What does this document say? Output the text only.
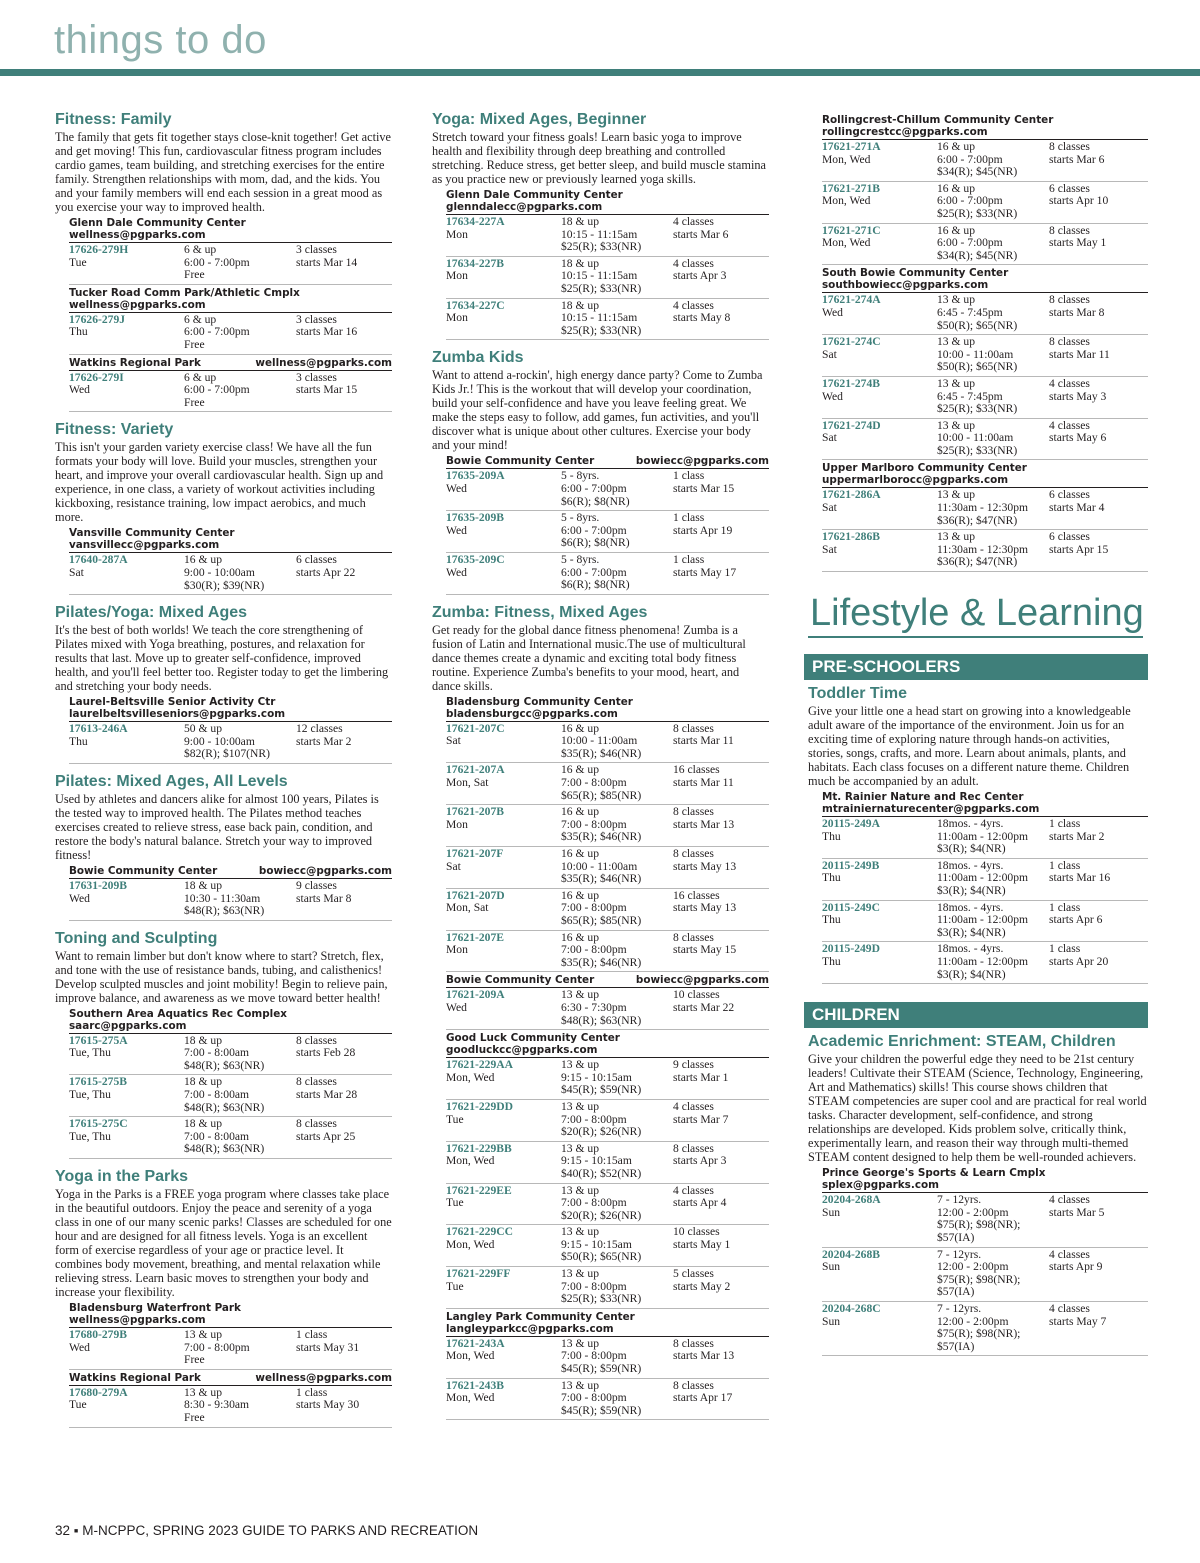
things to do
Fitness: Family
The family that gets fit together stays close-knit together! Get active and get moving! This fun, cardiovascular fitness program includes cardio games, team building, and stretching exercises for the entire family. Strengthen relationships with mom, dad, and the kids. You and your family members will end each session in a great mood as you exercise your way to improved health.
Glenn Dale Community Center
wellness@pgparks.com
17626-279H	6 & up	3 classes
Tue	6:00 - 7:00pm	starts Mar 14
Free
Tucker Road Comm Park/Athletic Cmplx
wellness@pgparks.com
17626-279J	6 & up	3 classes
Thu	6:00 - 7:00pm	starts Mar 16
Free
Watkins Regional Park	wellness@pgparks.com
17626-279I	6 & up	3 classes
Wed	6:00 - 7:00pm	starts Mar 15
Free
Fitness: Variety
This isn't your garden variety exercise class! We have all the fun formats your body will love. Build your muscles, strengthen your heart, and improve your overall cardiovascular health. Sign up and experience, in one class, a variety of workout activities including kickboxing, resistance training, low impact aerobics, and much more.
Vansville Community Center
vansvillecc@pgparks.com
17640-287A	16 & up	6 classes
Sat	9:00 - 10:00am	starts Apr 22
$30(R); $39(NR)
Pilates/Yoga: Mixed Ages
It's the best of both worlds! We teach the core strengthening of Pilates mixed with Yoga breathing, postures, and relaxation for results that last. Move up to greater self-confidence, improved health, and you'll feel better too. Register today to get the limbering and stretching your body needs.
Laurel-Beltsville Senior Activity Ctr
laurelbeltsvilleseniors@pgparks.com
17613-246A	50 & up	12 classes
Thu	9:00 - 10:00am	starts Mar 2
$82(R); $107(NR)
Pilates: Mixed Ages, All Levels
Used by athletes and dancers alike for almost 100 years, Pilates is the tested way to improved health. The Pilates method teaches exercises created to relieve stress, ease back pain, condition, and restore the body's natural balance. Stretch your way to improved fitness!
Bowie Community Center	bowiecc@pgparks.com
17631-209B	18 & up	9 classes
Wed	10:30 - 11:30am	starts Mar 8
$48(R); $63(NR)
Toning and Sculpting
Want to remain limber but don't know where to start? Stretch, flex, and tone with the use of resistance bands, tubing, and calisthenics! Develop sculpted muscles and joint mobility! Begin to relieve pain, improve balance, and awareness as we move toward better health!
Southern Area Aquatics Rec Complex
saarc@pgparks.com
17615-275A	18 & up	8 classes
Tue, Thu	7:00 - 8:00am	starts Feb 28
$48(R); $63(NR)
17615-275B	18 & up	8 classes
Tue, Thu	7:00 - 8:00am	starts Mar 28
$48(R); $63(NR)
17615-275C	18 & up	8 classes
Tue, Thu	7:00 - 8:00am	starts Apr 25
$48(R); $63(NR)
Yoga in the Parks
Yoga in the Parks is a FREE yoga program where classes take place in the beautiful outdoors. Enjoy the peace and serenity of a yoga class in one of our many scenic parks! Classes are scheduled for one hour and are designed for all fitness levels. Yoga is an excellent form of exercise regardless of your age or practice level. It combines body movement, breathing, and mental relaxation while relieving stress. Learn basic moves to strengthen your body and increase your flexibility.
Bladensburg Waterfront Park
wellness@pgparks.com
17680-279B	13 & up	1 class
Wed	7:00 - 8:00pm	starts May 31
Free
Watkins Regional Park	wellness@pgparks.com
17680-279A	13 & up	1 class
Tue	8:30 - 9:30am	starts May 30
Free
Yoga: Mixed Ages, Beginner
Stretch toward your fitness goals! Learn basic yoga to improve health and flexibility through deep breathing and controlled stretching. Reduce stress, get better sleep, and build muscle stamina as you practice new or previously learned yoga skills.
Glenn Dale Community Center
glenndalecc@pgparks.com
17634-227A	18 & up	4 classes
Mon	10:15 - 11:15am	starts Mar 6
$25(R); $33(NR)
17634-227B	18 & up	4 classes
Mon	10:15 - 11:15am	starts Apr 3
$25(R); $33(NR)
17634-227C	18 & up	4 classes
Mon	10:15 - 11:15am	starts May 8
$25(R); $33(NR)
Zumba Kids
Want to attend a-rockin', high energy dance party? Come to Zumba Kids Jr.! This is the workout that will develop your coordination, build your self-confidence and have you leave feeling great. We make the steps easy to follow, add games, fun activities, and you'll discover what is unique about other cultures. Exercise your body and your mind!
Bowie Community Center	bowiecc@pgparks.com
17635-209A	5 - 8yrs.	1 class
Wed	6:00 - 7:00pm	starts Mar 15
$6(R); $8(NR)
17635-209B	5 - 8yrs.	1 class
Wed	6:00 - 7:00pm	starts Apr 19
$6(R); $8(NR)
17635-209C	5 - 8yrs.	1 class
Wed	6:00 - 7:00pm	starts May 17
$6(R); $8(NR)
Zumba: Fitness, Mixed Ages
Get ready for the global dance fitness phenomena! Zumba is a fusion of Latin and International music.The use of multicultural dance themes create a dynamic and exciting total body fitness routine. Experience Zumba's benefits to your mood, heart, and dance skills.
Bladensburg Community Center
bladensburgcc@pgparks.com
17621-207C	16 & up	8 classes
Sat	10:00 - 11:00am	starts Mar 11
$35(R); $46(NR)
17621-207A	16 & up	16 classes
Mon, Sat	7:00 - 8:00pm	starts Mar 11
$65(R); $85(NR)
17621-207B	16 & up	8 classes
Mon	7:00 - 8:00pm	starts Mar 13
$35(R); $46(NR)
17621-207F	16 & up	8 classes
Sat	10:00 - 11:00am	starts May 13
$35(R); $46(NR)
17621-207D	16 & up	16 classes
Mon, Sat	7:00 - 8:00pm	starts May 13
$65(R); $85(NR)
17621-207E	16 & up	8 classes
Mon	7:00 - 8:00pm	starts May 15
$35(R); $46(NR)
Bowie Community Center	bowiecc@pgparks.com
17621-209A	13 & up	10 classes
Wed	6:30 - 7:30pm	starts Mar 22
$48(R); $63(NR)
Good Luck Community Center
goodluckcc@pgparks.com
17621-229AA	13 & up	9 classes
Mon, Wed	9:15 - 10:15am	starts Mar 1
$45(R); $59(NR)
17621-229DD	13 & up	4 classes
Tue	7:00 - 8:00pm	starts Mar 7
$20(R); $26(NR)
17621-229BB	13 & up	8 classes
Mon, Wed	9:15 - 10:15am	starts Apr 3
$40(R); $52(NR)
17621-229EE	13 & up	4 classes
Tue	7:00 - 8:00pm	starts Apr 4
$20(R); $26(NR)
17621-229CC	13 & up	10 classes
Mon, Wed	9:15 - 10:15am	starts May 1
$50(R); $65(NR)
17621-229FF	13 & up	5 classes
Tue	7:00 - 8:00pm	starts May 2
$25(R); $33(NR)
Langley Park Community Center
langleyparkcc@pgparks.com
17621-243A	13 & up	8 classes
Mon, Wed	7:00 - 8:00pm	starts Mar 13
$45(R); $59(NR)
17621-243B	13 & up	8 classes
Mon, Wed	7:00 - 8:00pm	starts Apr 17
$45(R); $59(NR)
Rollingcrest-Chillum Community Center
rollingcrestcc@pgparks.com
17621-271A	16 & up	8 classes
Mon, Wed	6:00 - 7:00pm	starts Mar 6
$34(R); $45(NR)
17621-271B	16 & up	6 classes
Mon, Wed	6:00 - 7:00pm	starts Apr 10
$25(R); $33(NR)
17621-271C	16 & up	8 classes
Mon, Wed	6:00 - 7:00pm	starts May 1
$34(R); $45(NR)
South Bowie Community Center
southbowiecc@pgparks.com
17621-274A	13 & up	8 classes
Wed	6:45 - 7:45pm	starts Mar 8
$50(R); $65(NR)
17621-274C	13 & up	8 classes
Sat	10:00 - 11:00am	starts Mar 11
$50(R); $65(NR)
17621-274B	13 & up	4 classes
Wed	6:45 - 7:45pm	starts May 3
$25(R); $33(NR)
17621-274D	13 & up	4 classes
Sat	10:00 - 11:00am	starts May 6
$25(R); $33(NR)
Upper Marlboro Community Center
uppermarlborocc@pgparks.com
17621-286A	13 & up	6 classes
Sat	11:30am - 12:30pm	starts Mar 4
$36(R); $47(NR)
17621-286B	13 & up	6 classes
Sat	11:30am - 12:30pm	starts Apr 15
$36(R); $47(NR)
Lifestyle & Learning
PRE-SCHOOLERS
Toddler Time
Give your little one a head start on growing into a knowledgeable adult aware of the importance of the environment. Join us for an exciting time of exploring nature through hands-on activities, stories, songs, crafts, and more. Learn about animals, plants, and habitats. Each class focuses on a different nature theme. Children much be accompanied by an adult.
Mt. Rainier Nature and Rec Center
mtrainiernaturecenter@pgparks.com
20115-249A	18mos. - 4yrs.	1 class
Thu	11:00am - 12:00pm	starts Mar 2
$3(R); $4(NR)
20115-249B	18mos. - 4yrs.	1 class
Thu	11:00am - 12:00pm	starts Mar 16
$3(R); $4(NR)
20115-249C	18mos. - 4yrs.	1 class
Thu	11:00am - 12:00pm	starts Apr 6
$3(R); $4(NR)
20115-249D	18mos. - 4yrs.	1 class
Thu	11:00am - 12:00pm	starts Apr 20
$3(R); $4(NR)
CHILDREN
Academic Enrichment: STEAM, Children
Give your children the powerful edge they need to be 21st century leaders! Cultivate their STEAM (Science, Technology, Engineering, Art and Mathematics) skills! This course shows children that STEAM competencies are super cool and are practical for real world tasks. Character development, self-confidence, and strong relationships are developed. Kids problem solve, critically think, experimentally learn, and reason their way through multi-themed STEAM content designed to help them be well-rounded achievers.
Prince George's Sports & Learn Cmplx
splex@pgparks.com
20204-268A	7 - 12yrs.	4 classes
Sun	12:00 - 2:00pm	starts Mar 5
$75(R); $98(NR); $57(IA)
20204-268B	7 - 12yrs.	4 classes
Sun	12:00 - 2:00pm	starts Apr 9
$75(R); $98(NR); $57(IA)
20204-268C	7 - 12yrs.	4 classes
Sun	12:00 - 2:00pm	starts May 7
$75(R); $98(NR); $57(IA)
32 ▪ M-NCPPC, SPRING 2023 GUIDE TO PARKS AND RECREATION
